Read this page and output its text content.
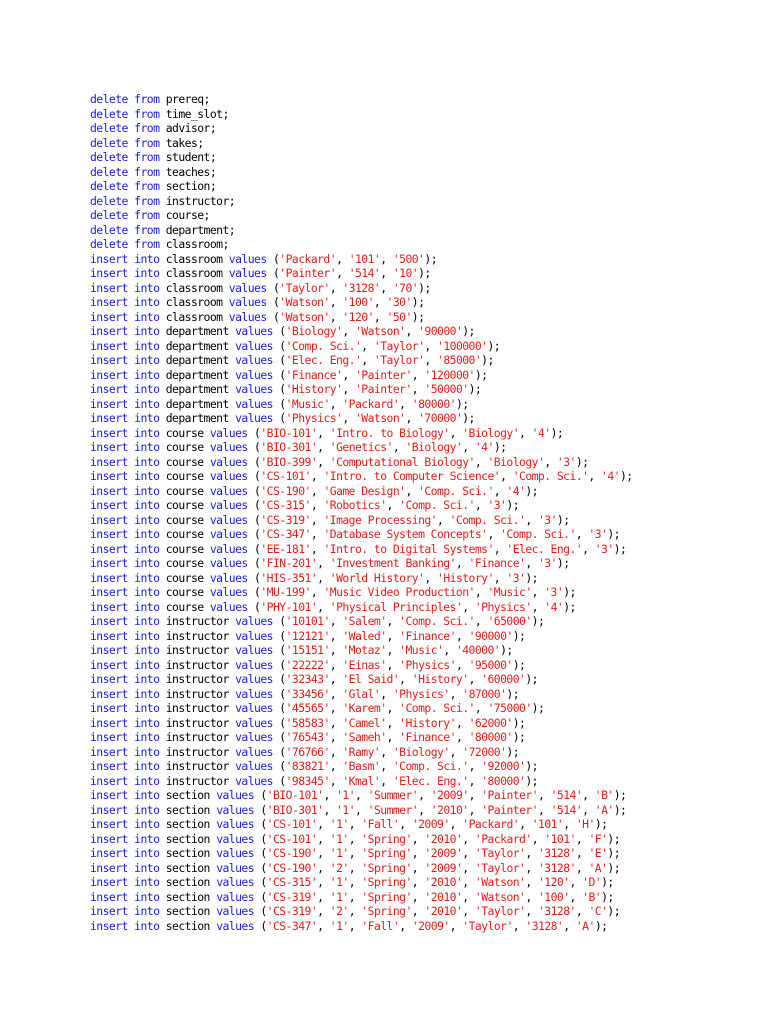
delete from prereq;
delete from time_slot;
delete from advisor;
delete from takes;
delete from student;
delete from teaches;
delete from section;
delete from instructor;
delete from course;
delete from department;
delete from classroom;
insert into classroom values ('Packard', '101', '500');
insert into classroom values ('Painter', '514', '10');
insert into classroom values ('Taylor', '3128', '70');
insert into classroom values ('Watson', '100', '30');
insert into classroom values ('Watson', '120', '50');
insert into department values ('Biology', 'Watson', '90000');
insert into department values ('Comp. Sci.', 'Taylor', '100000');
insert into department values ('Elec. Eng.', 'Taylor', '85000');
insert into department values ('Finance', 'Painter', '120000');
insert into department values ('History', 'Painter', '50000');
insert into department values ('Music', 'Packard', '80000');
insert into department values ('Physics', 'Watson', '70000');
insert into course values ('BIO-101', 'Intro. to Biology', 'Biology', '4');
insert into course values ('BIO-301', 'Genetics', 'Biology', '4');
insert into course values ('BIO-399', 'Computational Biology', 'Biology', '3');
insert into course values ('CS-101', 'Intro. to Computer Science', 'Comp. Sci.', '4');
insert into course values ('CS-190', 'Game Design', 'Comp. Sci.', '4');
insert into course values ('CS-315', 'Robotics', 'Comp. Sci.', '3');
insert into course values ('CS-319', 'Image Processing', 'Comp. Sci.', '3');
insert into course values ('CS-347', 'Database System Concepts', 'Comp. Sci.', '3');
insert into course values ('EE-181', 'Intro. to Digital Systems', 'Elec. Eng.', '3');
insert into course values ('FIN-201', 'Investment Banking', 'Finance', '3');
insert into course values ('HIS-351', 'World History', 'History', '3');
insert into course values ('MU-199', 'Music Video Production', 'Music', '3');
insert into course values ('PHY-101', 'Physical Principles', 'Physics', '4');
insert into instructor values ('10101', 'Salem', 'Comp. Sci.', '65000');
insert into instructor values ('12121', 'Waled', 'Finance', '90000');
insert into instructor values ('15151', 'Motaz', 'Music', '40000');
insert into instructor values ('22222', 'Einas', 'Physics', '95000');
insert into instructor values ('32343', 'El Said', 'History', '60000');
insert into instructor values ('33456', 'Glal', 'Physics', '87000');
insert into instructor values ('45565', 'Karem', 'Comp. Sci.', '75000');
insert into instructor values ('58583', 'Camel', 'History', '62000');
insert into instructor values ('76543', 'Sameh', 'Finance', '80000');
insert into instructor values ('76766', 'Ramy', 'Biology', '72000');
insert into instructor values ('83821', 'Basm', 'Comp. Sci.', '92000');
insert into instructor values ('98345', 'Kmal', 'Elec. Eng.', '80000');
insert into section values ('BIO-101', '1', 'Summer', '2009', 'Painter', '514', 'B');
insert into section values ('BIO-301', '1', 'Summer', '2010', 'Painter', '514', 'A');
insert into section values ('CS-101', '1', 'Fall', '2009', 'Packard', '101', 'H');
insert into section values ('CS-101', '1', 'Spring', '2010', 'Packard', '101', 'F');
insert into section values ('CS-190', '1', 'Spring', '2009', 'Taylor', '3128', 'E');
insert into section values ('CS-190', '2', 'Spring', '2009', 'Taylor', '3128', 'A');
insert into section values ('CS-315', '1', 'Spring', '2010', 'Watson', '120', 'D');
insert into section values ('CS-319', '1', 'Spring', '2010', 'Watson', '100', 'B');
insert into section values ('CS-319', '2', 'Spring', '2010', 'Taylor', '3128', 'C');
insert into section values ('CS-347', '1', 'Fall', '2009', 'Taylor', '3128', 'A');
